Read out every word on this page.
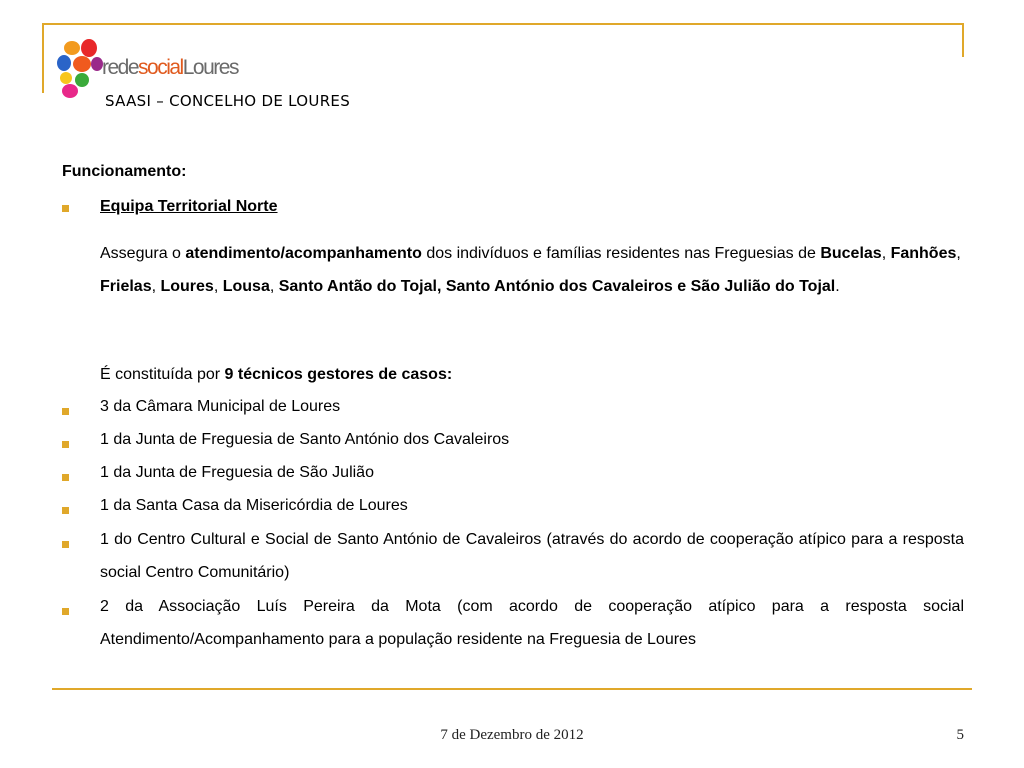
redesocialLoures
SAASI – CONCELHO DE LOURES
Funcionamento:
Equipa Territorial Norte
Assegura o atendimento/acompanhamento dos indivíduos e famílias residentes nas Freguesias de Bucelas, Fanhões, Frielas, Loures, Lousa, Santo Antão do Tojal, Santo António dos Cavaleiros e São Julião do Tojal.
É constituída por 9 técnicos gestores de casos:
3 da Câmara Municipal de Loures
1 da Junta de Freguesia de Santo António dos Cavaleiros
1 da Junta de Freguesia de São Julião
1 da Santa Casa da Misericórdia de Loures
1 do Centro Cultural e Social de Santo António de Cavaleiros (através do acordo de cooperação atípico para a resposta social Centro Comunitário)
2 da Associação Luís Pereira da Mota (com acordo de cooperação atípico para a resposta social Atendimento/Acompanhamento para a população residente na Freguesia de Loures
7 de Dezembro de 2012	5
